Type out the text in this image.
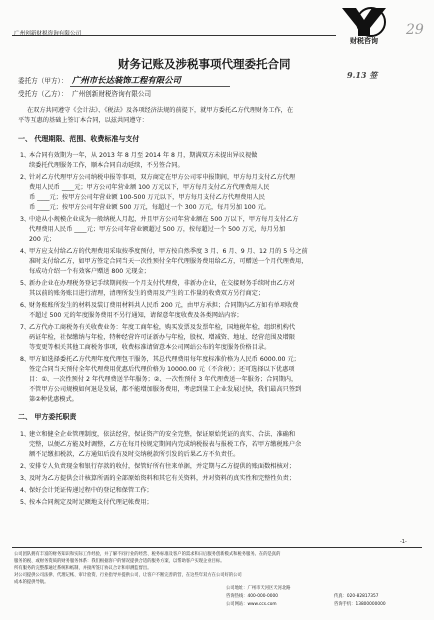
广州创新财税咨询有限公司
财税咨询
29
财务记账及涉税事项代理委托合同
9.13 签
委托方（甲方）： 广州市长达装饰工程有限公司
受托方（乙方）： 广州创新财税咨询有限公司
在双方共同遵守《会计法》、《税法》及各项经济法规的前提下，就甲方委托乙方代理财务工作，在
平等互惠的基础上签订本合同，以兹共同遵守：
一、 代理期限、范围、收费标准与支付
1、
本合同有效期为一年，从 2013 年 8 月至 2014 年 8 月，期满双方未提出异议视做
续委托代理服务工作，顺本合同自动延续，不另签合同。
2、
针对乙方代理甲方公司纳税申报等事项，双方商定在甲方公司零申报期间，甲方每月支付乙方代理
费用人民币 ____元；甲方公司年营业额 100 万元以下，甲方每月支付乙方代理费用人民
币 ____元；按甲方公司年营业额 100-500 万元以下，甲方每月支付乙方代理费用人民
币 ____元；按甲方公司年营业额 500 万元，每超过一个 300 万元，每月另加 100 元。
3、
中途从小规模企业成为一般纳税人月起，并且甲方公司年营业额在 500 万以下，甲方每月支付乙方
代理费用人民币 ____元；甲方公司年营业额超过 500 万，按每超过一个 500 万元，每月另加
200 元；
4、
甲方应支付给乙方的代理费用采取按季度预付，甲方按自然季度 3 月、6 月、9 月、12 月的 5 号之前
准时支付给乙方，如甲方签定合同当天一次性预付全年代理服务费用给乙方，可赠送一个月代理费用，
每成功介绍一个有效客户赠送 800 元现金；
5、
新办企业在办理税务登记手续期间按一个月支付代理费，非新办企业，在交接财务手续时由乙方对
其以前的账务账目进行清理，清理所发生的费用及产生的工作量的收费双方另行商定；
6、
财务账账所发生的材料及装订费用材料共人民币 200 元，由甲方承担；合同期内乙方如有单项收费
不超过 500 元的年度服务费用不另行通知，请留意年度收费及各类网站内容；
7、
乙方代办工商税务有关收费业务：年度工商年检，购买发票及发票年检，国地税年检，组织机构代
码证年检，社保缴纳与年检，特种经营许可证新办与年检，股权、增减资、地址、经营范围及增限
等变更等相关其他工商税务事项，收费标准请留意本公司网站公布的年度服务价格目录。
8、
甲方如选择委托乙方代理年度代理包干服务，其总代理费用每年度标准价格为人民币 6000.00 元；
签定合同当天预付全年代理费用优惠后代理价格为 10000.00 元（不含税）；还可选择以下优惠项
目：①、一次性预付 2 年代理费送半年服务；②、一次性预付 3 年代理费送一年服务；合同期内，
不管甲方公司规模如何退是发展，都不能增加服务费用，考虑到量工企业发展过快，我们最高只签到
第②种优惠模式。
二、 甲方委托职责
1、
建立和健全企业管理制度，依法经营，保证资产的安全完整，保证原始凭证的真实、合法、准确和
完整，以便乙方能及时调整，乙方在每月按规定期间内完成纳税报表与报税工作，若甲方缴税账户余
额不足缴扣税款，乙方通知后没有及时交纳税款所引发的后果乙方不负责任。
2、
安排专人负责现金和银行存款的收付，保管好所有往来单据，并定期与乙方提供的账面数相核对；
3、
及时为乙方提供会计核算所需的全部原始资料和其它有关资料，并对资料的真实性和完整性负责；
4、
保好会计凭证传递过程中的登记和保管工作；
5、
按本合同规定及时足额地支付代理记帐费用；
-1-
公司团队拥有丰富的财务知识和实际工作经验，并了解不同行业的经营、税务标准及客户的需求和日后服务创新模式和税务服务。在的是真的
服务的税、或财务资质的财务服务体系：我们根据客户的情况提供合适的服务方案，以帮助客户实现企业目标。
所有服务的完整都通过系统和纸制，并接所签订协议合计和审测监督出。
对公司提供公司法律、代理记帐、审计验资、行业指导并提供公司，让客户不断完善的营，在这些年双方在公司好的公司
成本的提供导航。
公司地址：广州市天河区天河北路
咨询热线：400-000-0000	传真：020-82817357
公司网站：www.ccs.com	咨询手机：13800000000
